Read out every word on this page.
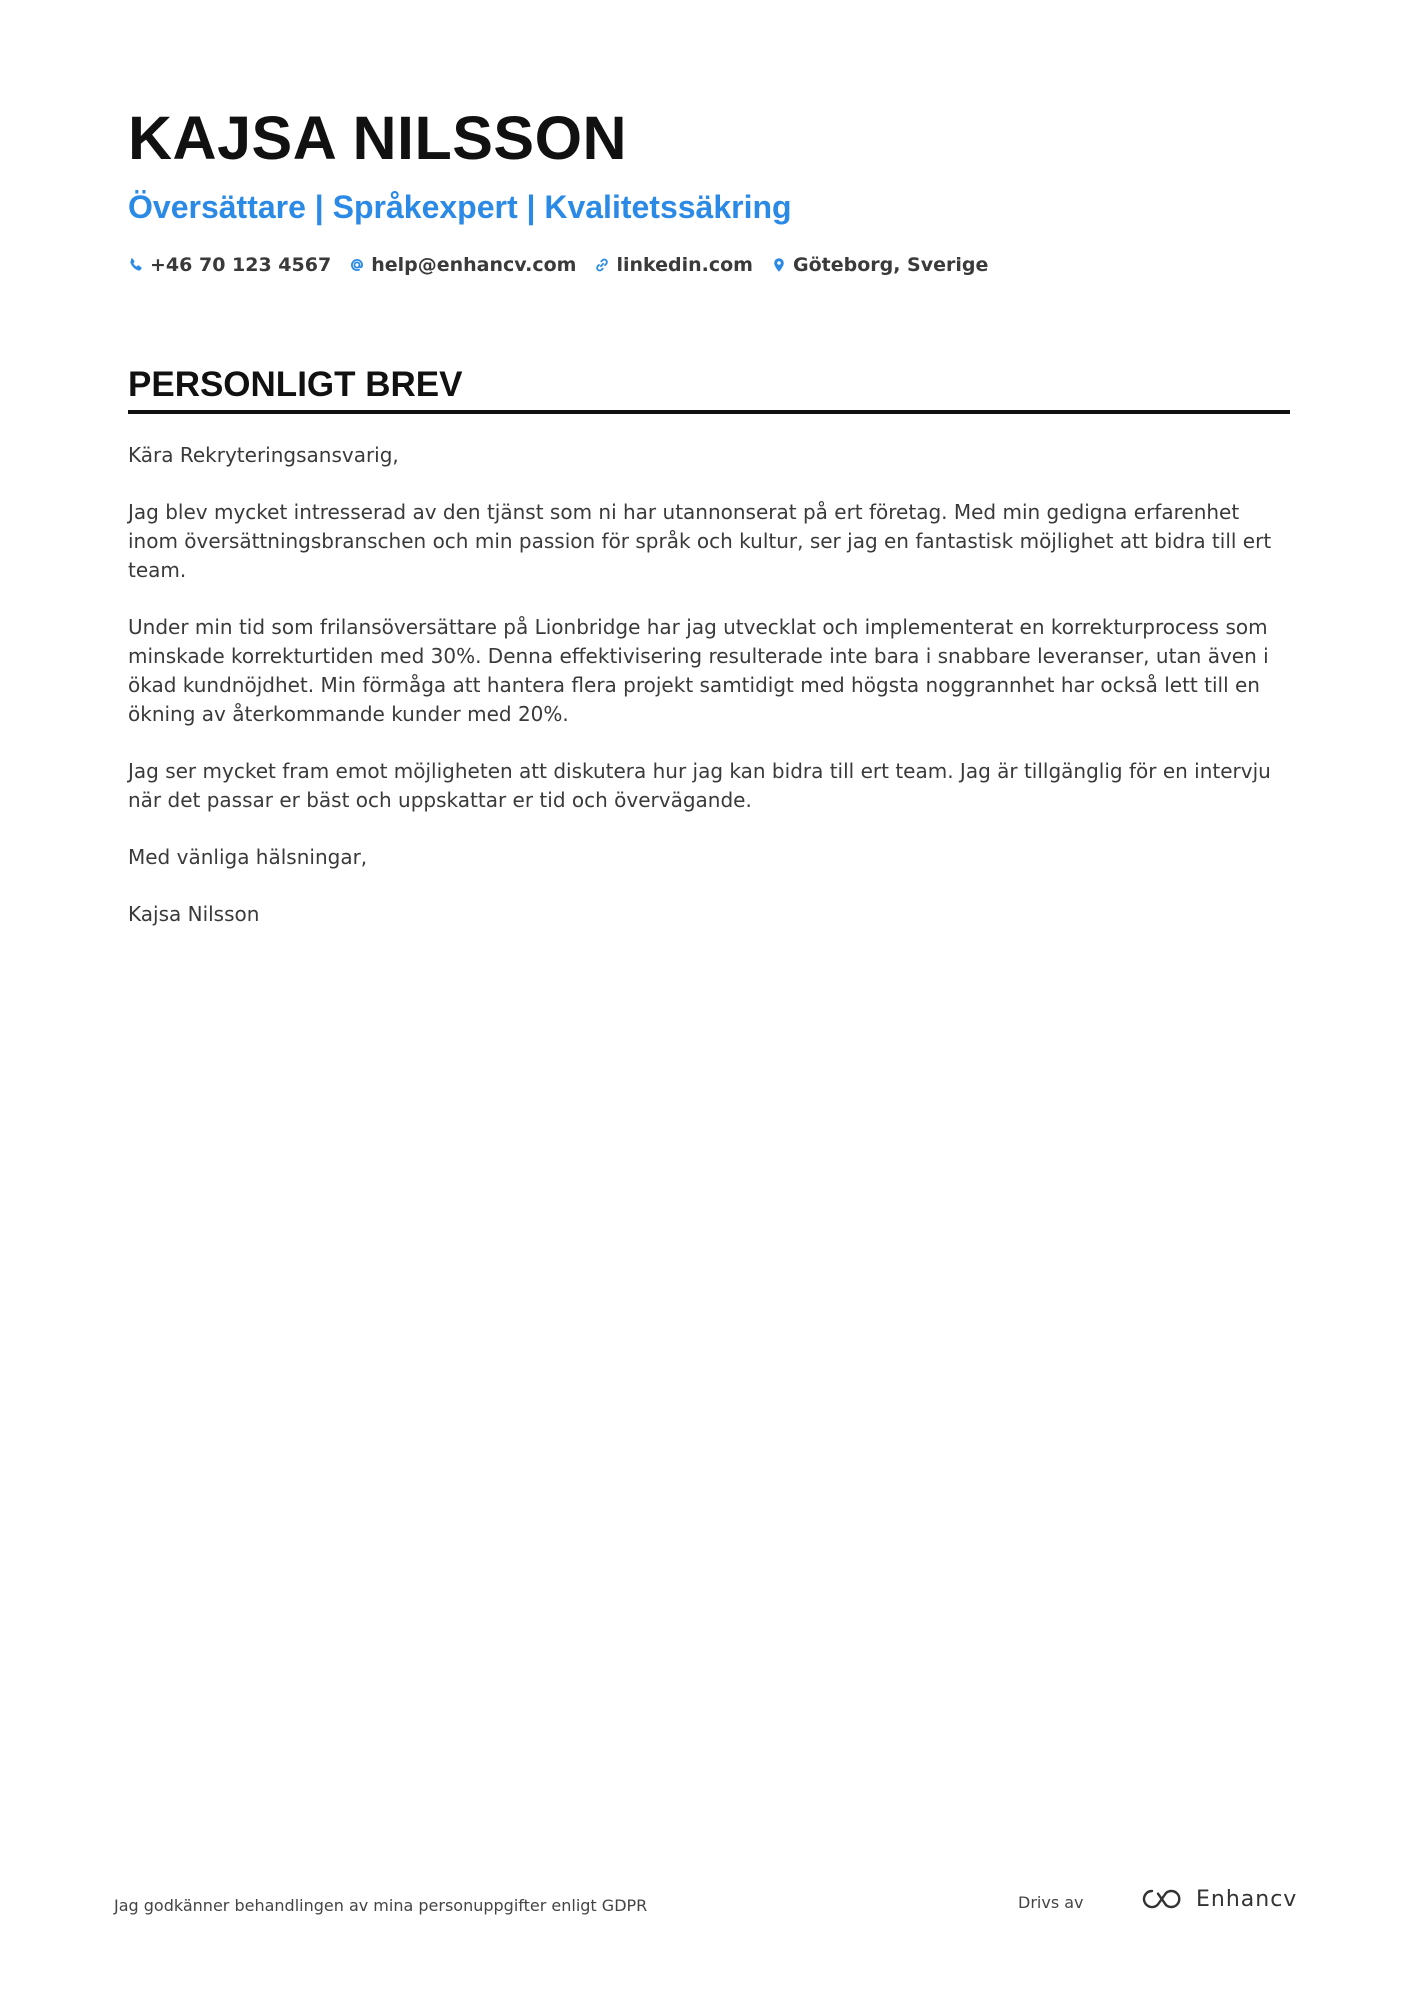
KAJSA NILSSON
Översättare | Språkexpert | Kvalitetssäkring
+46 70 123 4567 help@enhancv.com linkedin.com Göteborg, Sverige
PERSONLIGT BREV

Kära Rekryteringsansvarig,

Jag blev mycket intresserad av den tjänst som ni har utannonserat på ert företag. Med min gedigna erfarenhet inom översättningsbranschen och min passion för språk och kultur, ser jag en fantastisk möjlighet att bidra till ert team.

Under min tid som frilansöversättare på Lionbridge har jag utvecklat och implementerat en korrekturprocess som minskade korrekturtiden med 30%. Denna effektivisering resulterade inte bara i snabbare leveranser, utan även i ökad kundnöjdhet. Min förmåga att hantera flera projekt samtidigt med högsta noggrannhet har också lett till en ökning av återkommande kunder med 20%.

Jag ser mycket fram emot möjligheten att diskutera hur jag kan bidra till ert team. Jag är tillgänglig för en intervju när det passar er bäst och uppskattar er tid och övervägande.

Med vänliga hälsningar,

Kajsa Nilsson

Jag godkänner behandlingen av mina personuppgifter enligt GDPR	Drivs av	Enhancv
